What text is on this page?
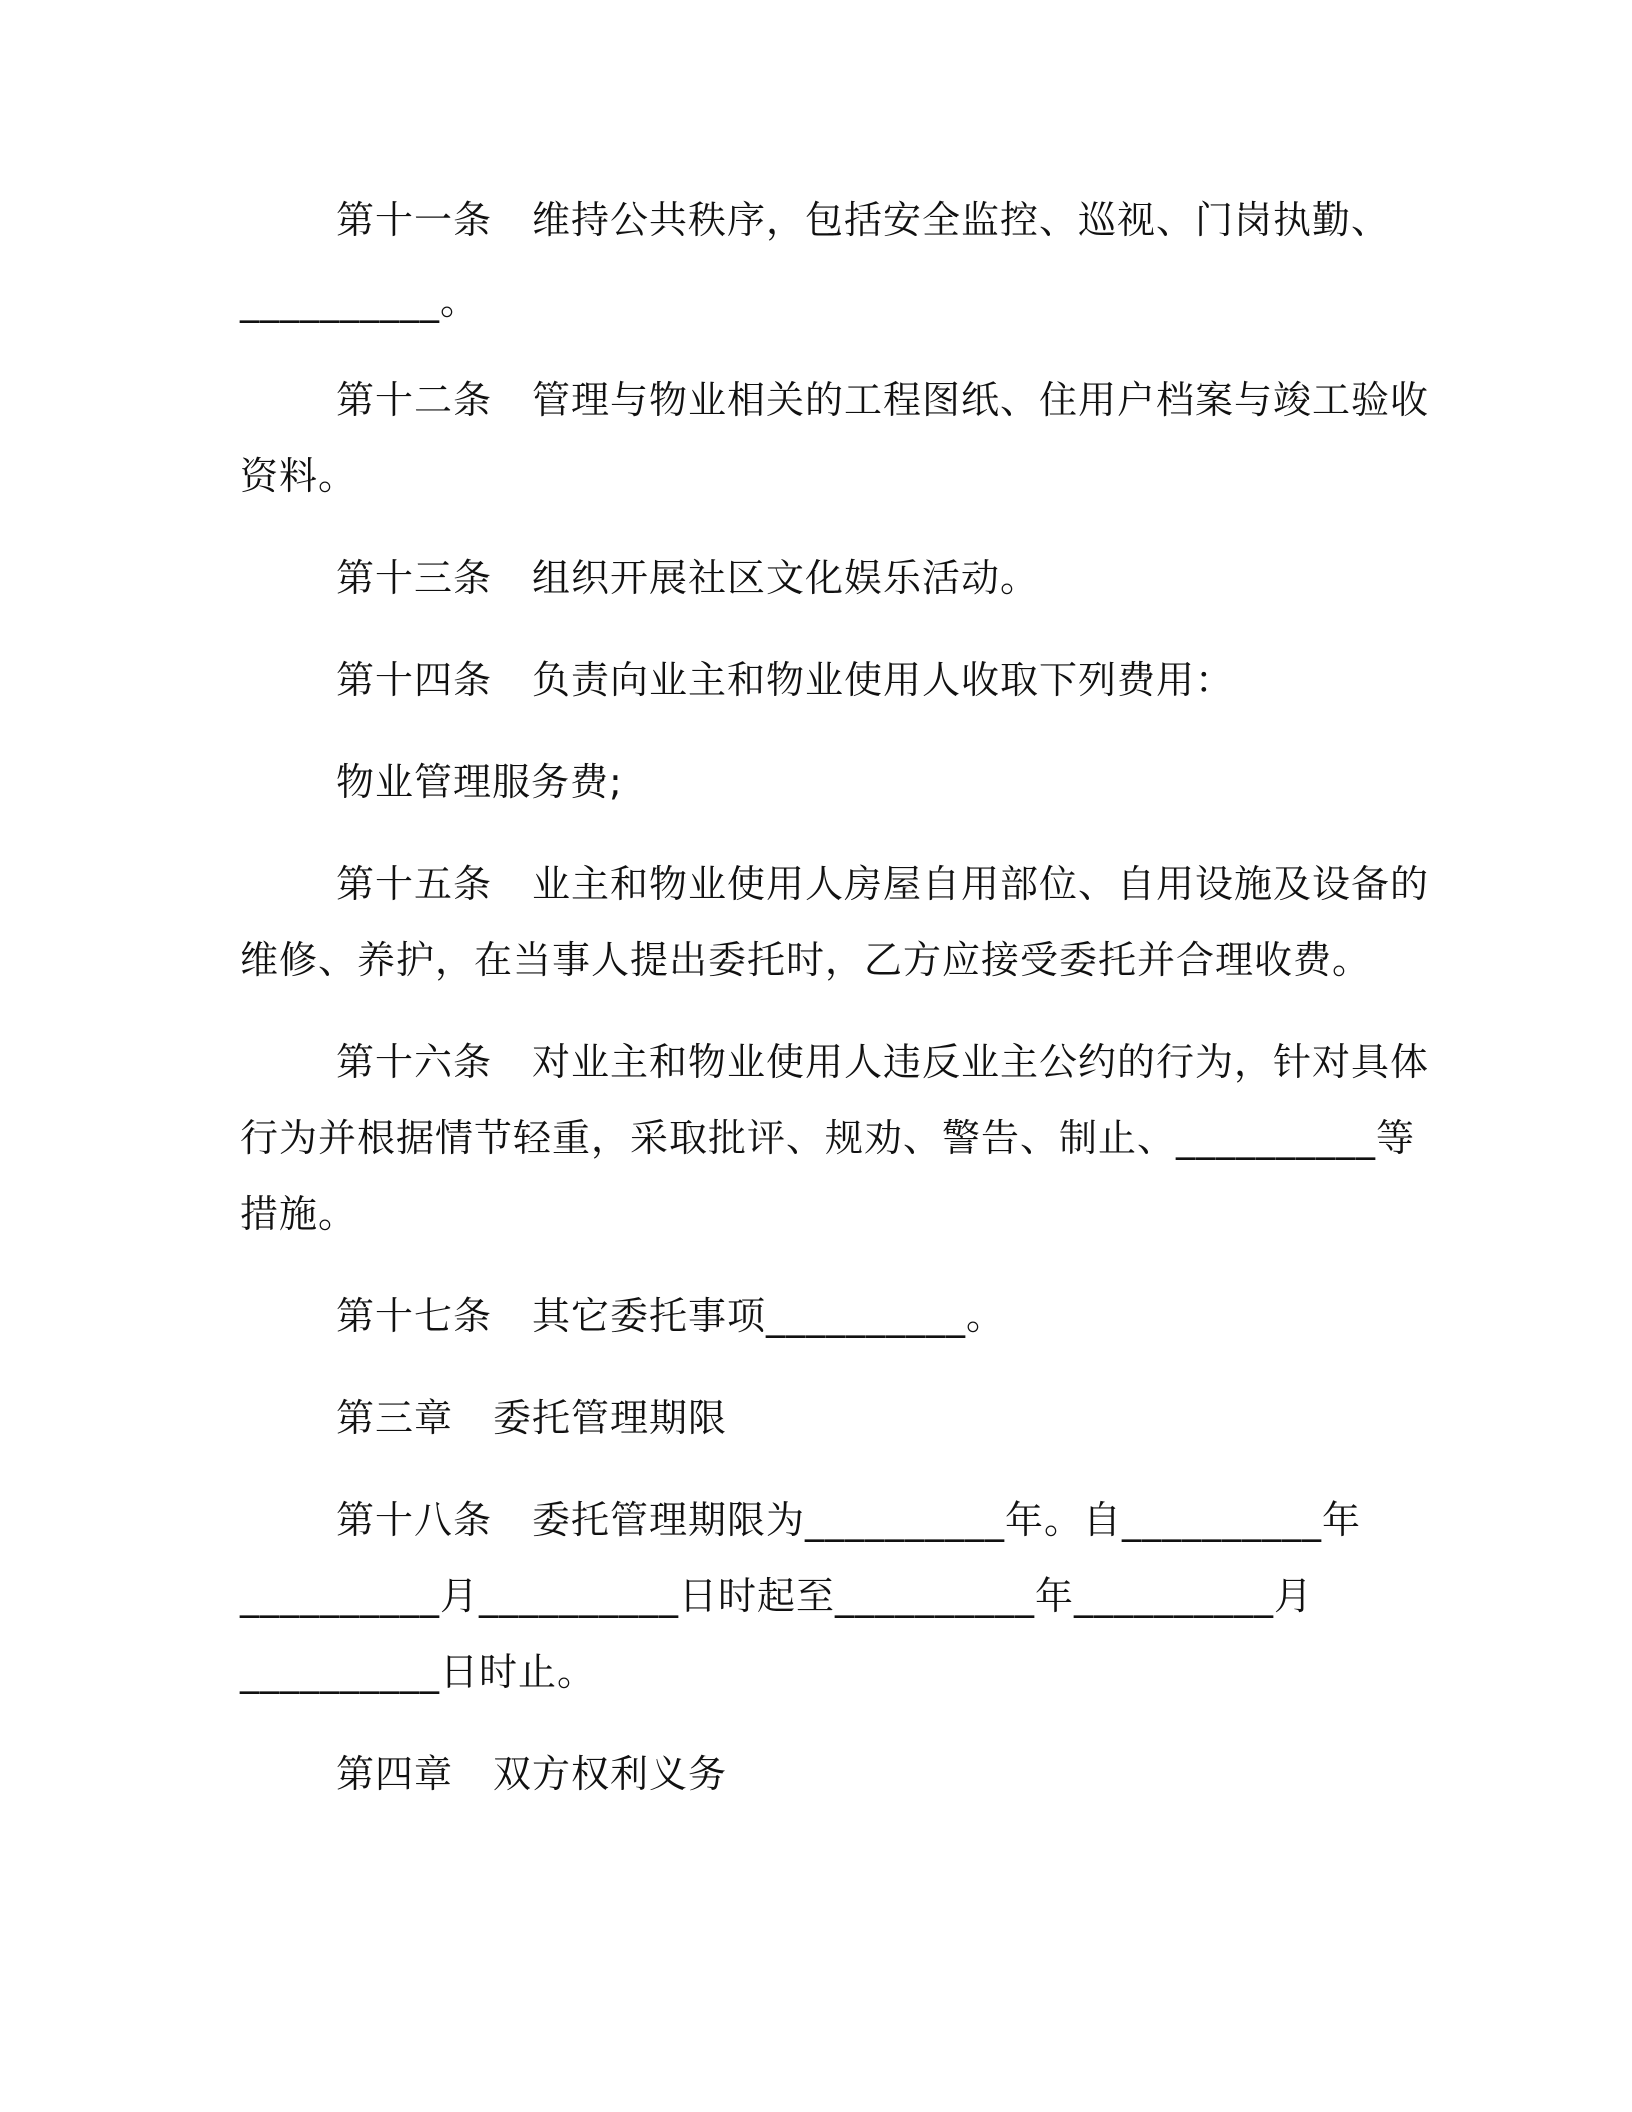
第十一条 维持公共秩序，包括安全监控、巡视、门岗执勤、
__________。
第十二条 管理与物业相关的工程图纸、住用户档案与竣工验收
资料。
第十三条 组织开展社区文化娱乐活动。
第十四条 负责向业主和物业使用人收取下列费用：
物业管理服务费;
第十五条 业主和物业使用人房屋自用部位、自用设施及设备的
维修、养护，在当事人提出委托时，乙方应接受委托并合理收费。
第十六条 对业主和物业使用人违反业主公约的行为，针对具体
行为并根据情节轻重，采取批评、规劝、警告、制止、__________等
措施。
第十七条 其它委托事项__________。
第三章 委托管理期限
第十八条 委托管理期限为__________年。自__________年
__________月__________日时起至__________年__________月
__________日时止。
第四章 双方权利义务
